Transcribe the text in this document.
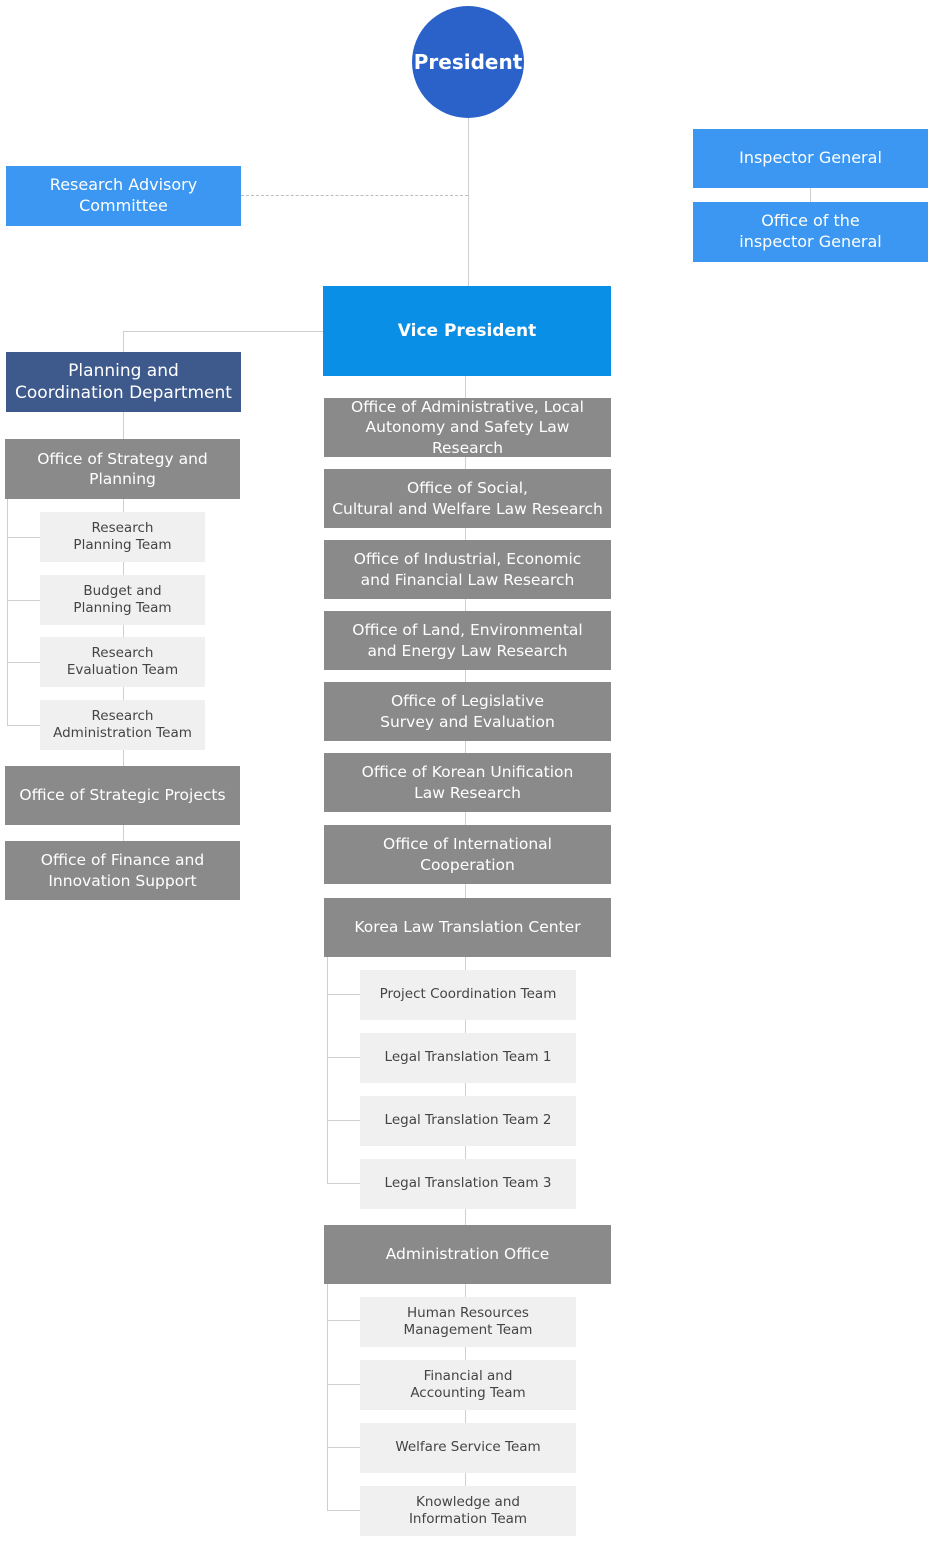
President
Research Advisory
Committee
Inspector General
Office of the
inspector General
Vice President
Planning and
Coordination Department
Office of Strategy and
Planning
Research
Planning Team
Budget and
Planning Team
Research
Evaluation Team
Research
Administration Team
Office of Strategic Projects
Office of Finance and
Innovation Support
Office of Administrative, Local
Autonomy and Safety Law Research
Office of Social,
Cultural and Welfare Law Research
Office of Industrial, Economic
and Financial Law Research
Office of Land, Environmental
and Energy Law Research
Office of Legislative
Survey and Evaluation
Office of Korean Unification
Law Research
Office of International
Cooperation
Korea Law Translation Center
Project Coordination Team
Legal Translation Team 1
Legal Translation Team 2
Legal Translation Team 3
Administration Office
Human Resources
Management Team
Financial and
Accounting Team
Welfare Service Team
Knowledge and
Information Team
